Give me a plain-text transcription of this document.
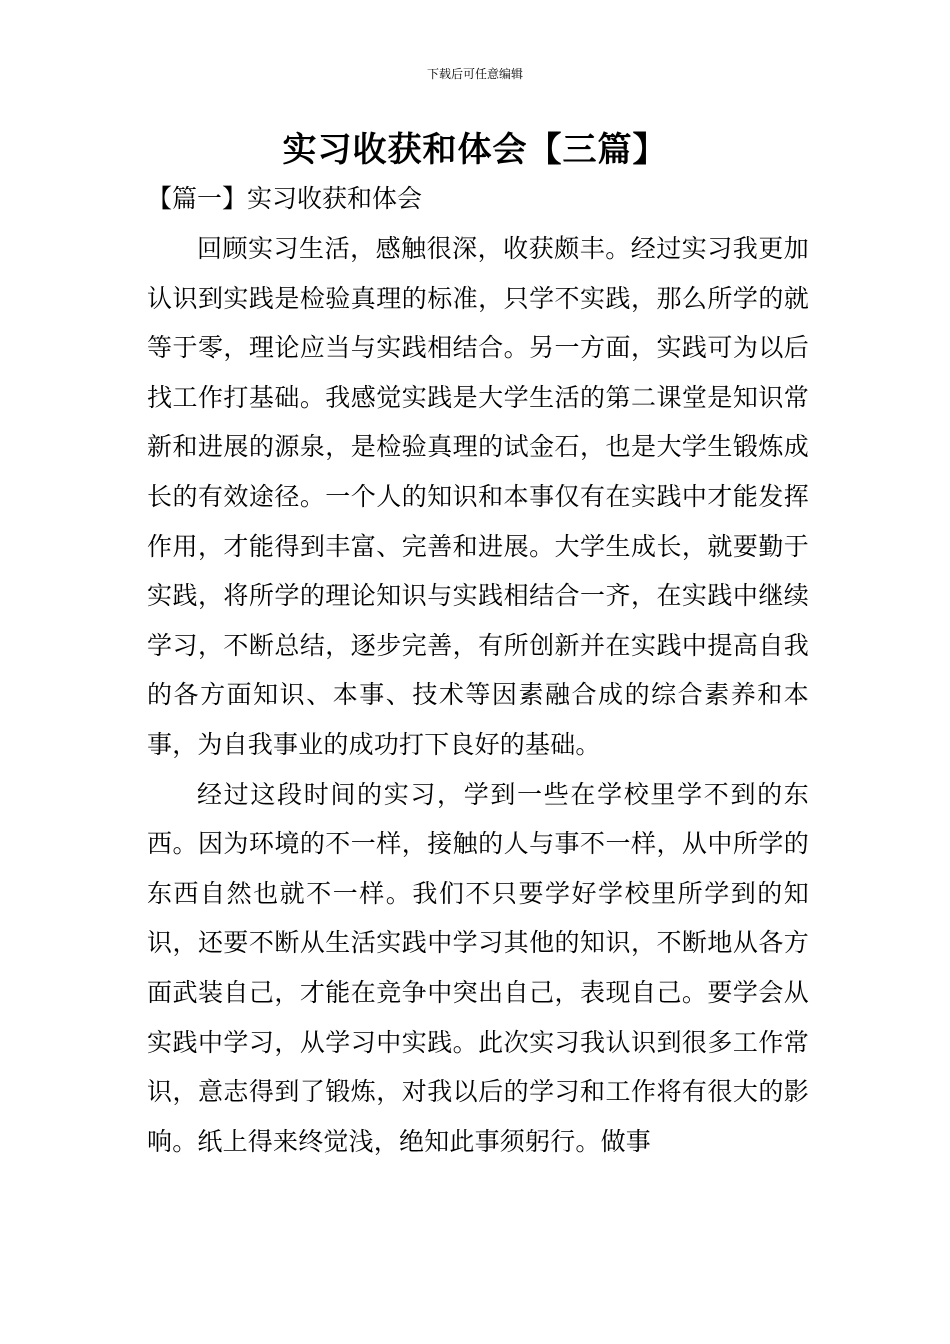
下载后可任意编辑
实习收获和体会【三篇】
【篇一】实习收获和体会

回顾实习生活，感触很深，收获颇丰。经过实习我更加认识到实践是检验真理的标准，只学不实践，那么所学的就等于零，理论应当与实践相结合。另一方面，实践可为以后找工作打基础。我感觉实践是大学生活的第二课堂是知识常新和进展的源泉，是检验真理的试金石，也是大学生锻炼成长的有效途径。一个人的知识和本事仅有在实践中才能发挥作用，才能得到丰富、完善和进展。大学生成长，就要勤于实践，将所学的理论知识与实践相结合一齐，在实践中继续学习，不断总结，逐步完善，有所创新并在实践中提高自我的各方面知识、本事、技术等因素融合成的综合素养和本事，为自我事业的成功打下良好的基础。

经过这段时间的实习，学到一些在学校里学不到的东西。因为环境的不一样，接触的人与事不一样，从中所学的东西自然也就不一样。我们不只要学好学校里所学到的知识，还要不断从生活实践中学习其他的知识，不断地从各方面武装自己，才能在竞争中突出自己，表现自己。要学会从实践中学习，从学习中实践。此次实习我认识到很多工作常识，意志得到了锻炼，对我以后的学习和工作将有很大的影响。纸上得来终觉浅，绝知此事须躬行。做事
